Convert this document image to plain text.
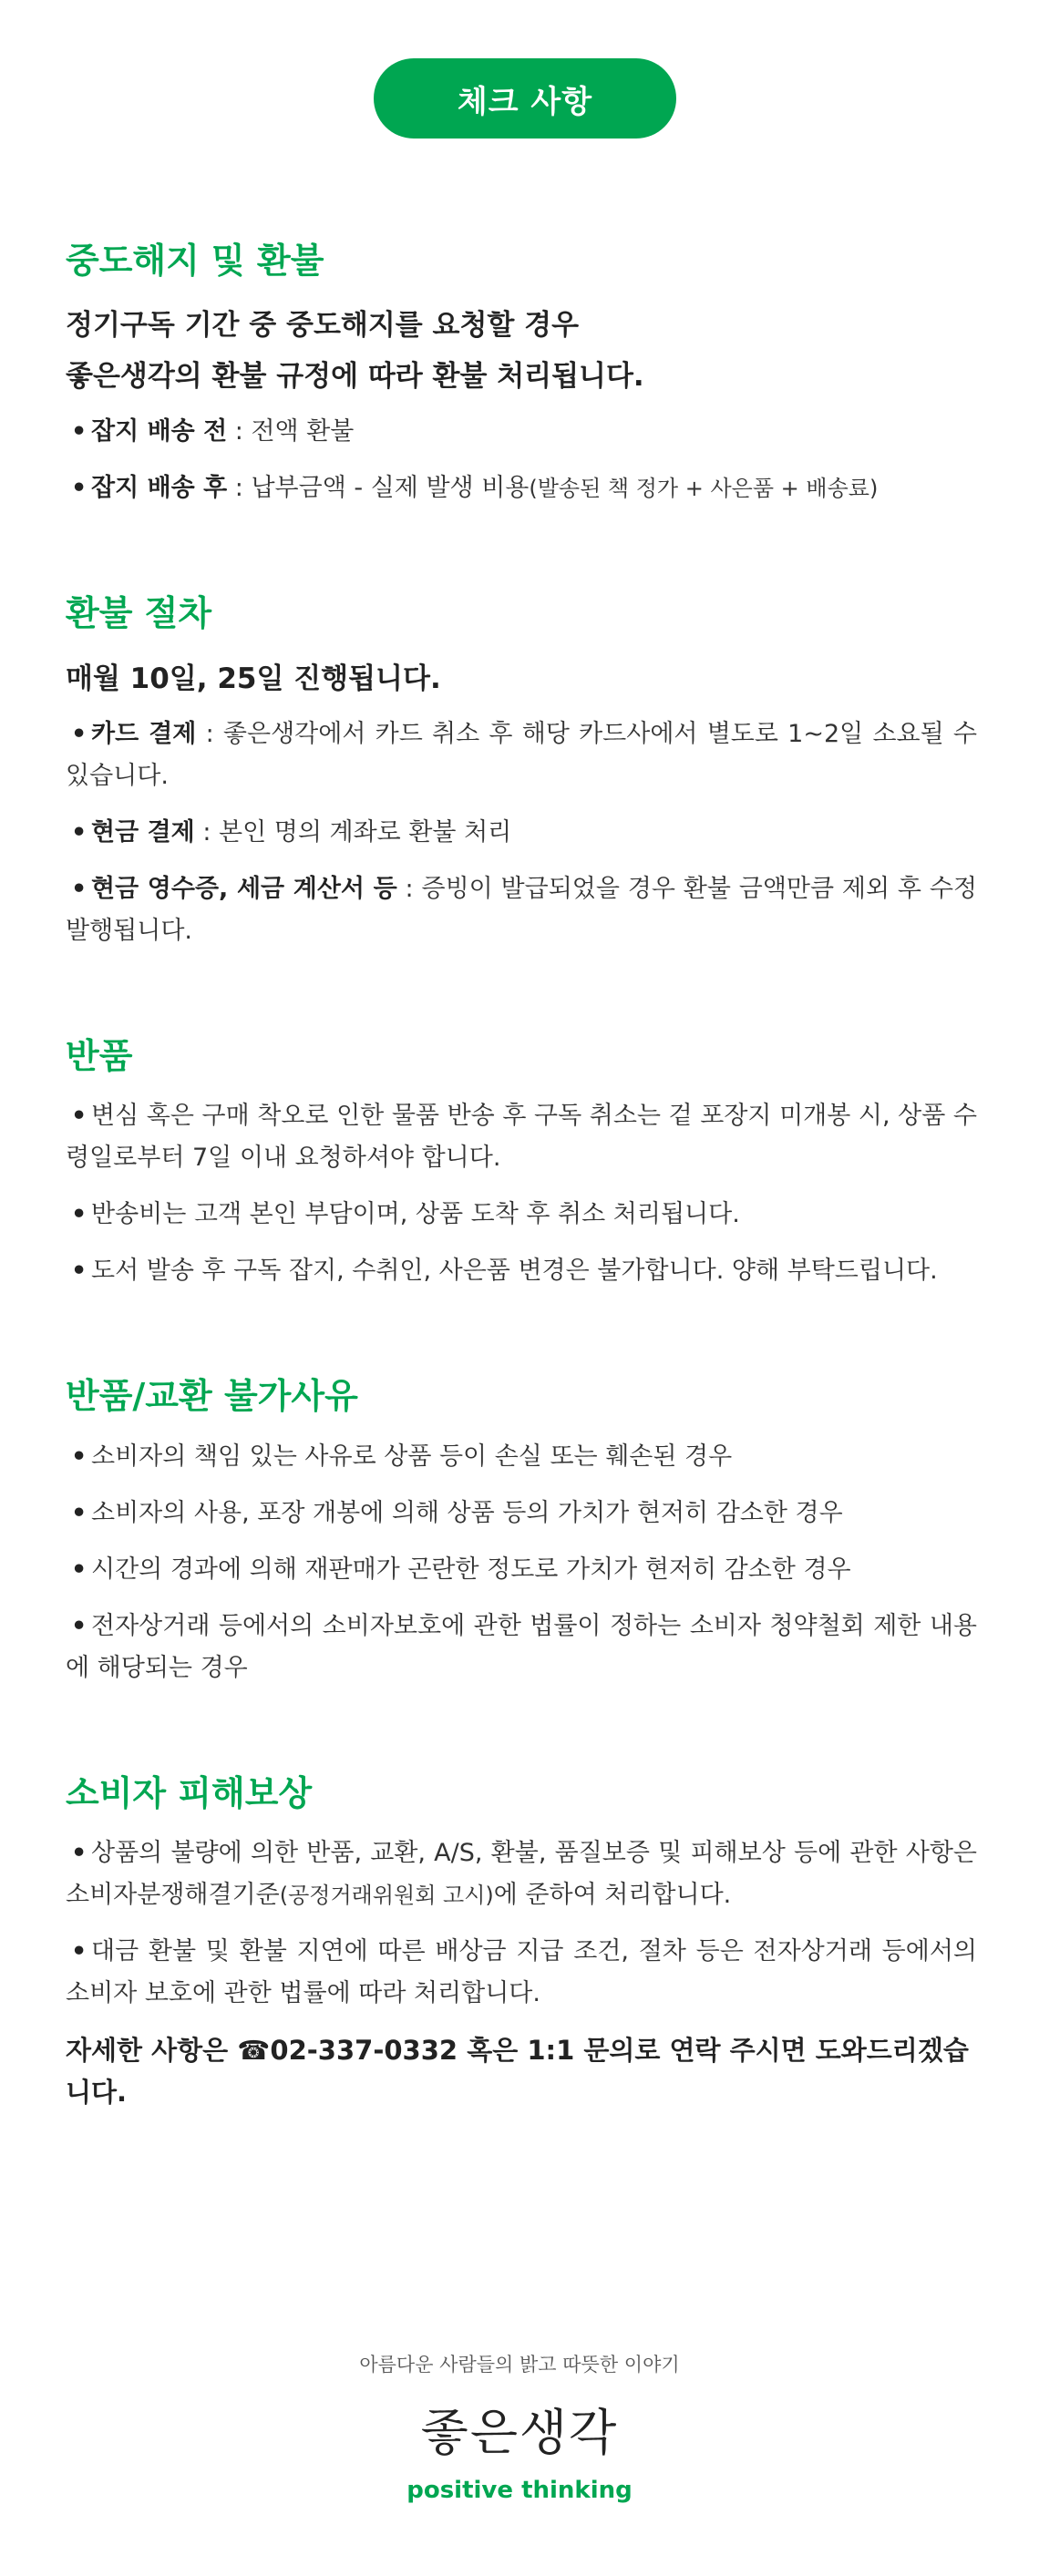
체크 사항
중도해지 및 환불
정기구독 기간 중 중도해지를 요청할 경우
좋은생각의 환불 규정에 따라 환불 처리됩니다.
• 잡지 배송 전 : 전액 환불
• 잡지 배송 후 : 납부금액 - 실제 발생 비용(발송된 책 정가 + 사은품 + 배송료)
환불 절차
매월 10일, 25일 진행됩니다.
• 카드 결제 : 좋은생각에서 카드 취소 후 해당 카드사에서 별도로 1~2일 소요될 수 있습니다.
• 현금 결제 : 본인 명의 계좌로 환불 처리
• 현금 영수증, 세금 계산서 등 : 증빙이 발급되었을 경우 환불 금액만큼 제외 후 수정 발행됩니다.
반품
• 변심 혹은 구매 착오로 인한 물품 반송 후 구독 취소는 겉 포장지 미개봉 시, 상품 수령일로부터 7일 이내 요청하셔야 합니다.
• 반송비는 고객 본인 부담이며, 상품 도착 후 취소 처리됩니다.
• 도서 발송 후 구독 잡지, 수취인, 사은품 변경은 불가합니다. 양해 부탁드립니다.
반품/교환 불가사유
• 소비자의 책임 있는 사유로 상품 등이 손실 또는 훼손된 경우
• 소비자의 사용, 포장 개봉에 의해 상품 등의 가치가 현저히 감소한 경우
• 시간의 경과에 의해 재판매가 곤란한 정도로 가치가 현저히 감소한 경우
• 전자상거래 등에서의 소비자보호에 관한 법률이 정하는 소비자 청약철회 제한 내용에 해당되는 경우
소비자 피해보상
• 상품의 불량에 의한 반품, 교환, A/S, 환불, 품질보증 및 피해보상 등에 관한 사항은 소비자분쟁해결기준(공정거래위원회 고시)에 준하여 처리합니다.
• 대금 환불 및 환불 지연에 따른 배상금 지급 조건, 절차 등은 전자상거래 등에서의 소비자 보호에 관한 법률에 따라 처리합니다.

자세한 사항은 ☎02-337-0332 혹은 1:1 문의로 연락 주시면 도와드리겠습니다.

아름다운 사람들의 밝고 따뜻한 이야기

좋은생각

positive thinking
